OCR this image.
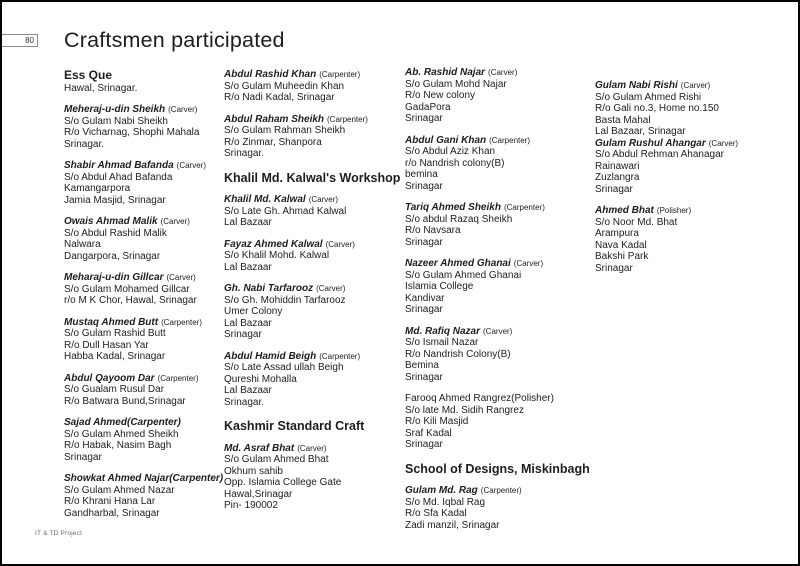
80 Craftsmen participated
Ess Que
Hawal, Srinagar.
Meheraj-u-din Sheikh (Carver)
S/o Gulam Nabi Sheikh
R/o Vicharnag, Shophi Mahala
Srinagar.
Shabir Ahmad Bafanda (Carver)
S/o Abdul Ahad Bafanda
Kamangarpora
Jamia Masjid, Srinagar
Owais Ahmad Malik (Carver)
S/o Abdul Rashid Malik
Nalwara
Dangarpora, Srinagar
Meharaj-u-din Gillcar (Carver)
S/o Gulam Mohamed Gillcar
r/o M K Chor, Hawal, Srinagar
Mustaq Ahmed Butt (Carpenter)
S/o Gulam Rashid Butt
R/o Dull Hasan Yar
Habba Kadal, Srinagar
Abdul Qayoom Dar (Carpenter)
S/o Gualam Rusul Dar
R/o Batwara Bund,Srinagar
Sajad Ahmed(Carpenter)
S/o Gulam Ahmed Sheikh
R/o Habak, Nasim Bagh
Srinagar
Showkat Ahmed Najar(Carpenter)
S/o Gulam Ahmed Nazar
R/o Khrani Hana Lar
Gandharbal, Srinagar
Abdul Rashid Khan (Carpenter)
S/o Gulam Muheedin Khan
R/o Nadi Kadal, Srinagar
Abdul Raham Sheikh (Carpenter)
S/o Gulam Rahman Sheikh
R/o Zinmar, Shanpora
Srinagar.
Khalil Md. Kalwal's Workshop
Khalil Md. Kalwal (Carver)
S/o Late Gh. Ahmad Kalwal
Lal Bazaar
Fayaz Ahmed Kalwal (Carver)
S/o Khalil Mohd. Kalwal
Lal Bazaar
Gh. Nabi Tarfarooz (Carver)
S/o Gh. Mohiddin Tarfarooz
Umer Colony
Lal Bazaar
Srinagar
Abdul Hamid Beigh (Carpenter)
S/o Late Assad ullah Beigh
Qureshi Mohalla
Lal Bazaar
Srinagar.
Kashmir Standard Craft
Md. Asraf Bhat (Carver)
S/o Gulam Ahmed Bhat
Okhum sahib
Opp. Islamia College Gate
Hawal,Srinagar
Pin- 190002
Ab. Rashid Najar (Carver)
S/o Gulam Mohd Najar
R/o New colony
GadaPora
Srinagar
Abdul Gani Khan (Carpenter)
S/o Abdul Aziz Khan
r/o Nandrish colony(B)
bemina
Srinagar
Tariq Ahmed Sheikh (Carpenter)
S/o abdul Razaq Sheikh
R/o Navsara
Srinagar
Nazeer Ahmed Ghanai (Carver)
S/o Gulam Ahmed Ghanai
Islamia College
Kandivar
Srinagar
Md. Rafiq Nazar (Carver)
S/o Ismail Nazar
R/o Nandrish Colony(B)
Bemina
Srinagar
Farooq Ahmed Rangrez(Polisher)
S/o late Md. Sidih Rangrez
R/o Kili Masjid
Sraf Kadal
Srinagar
School of Designs, Miskinbagh
Gulam Md. Rag (Carpenter)
S/o Md. Iqbal Rag
R/o Sfa Kadal
Zadi manzil, Srinagar
Gulam Nabi Rishi (Carver)
S/o Gulam Ahmed Rishi
R/o Gali no.3, Home no.150
Basta Mahal
Lal Bazaar, Srinagar
Gulam Rushul Ahangar (Carver)
S/o Abdul Rehman Ahanagar
Rainawari
Zuzlangra
Srinagar
Ahmed Bhat (Polisher)
S/o Noor Md. Bhat
Arampura
Nava Kadal
Bakshi Park
Srinagar
IT & TD Project
